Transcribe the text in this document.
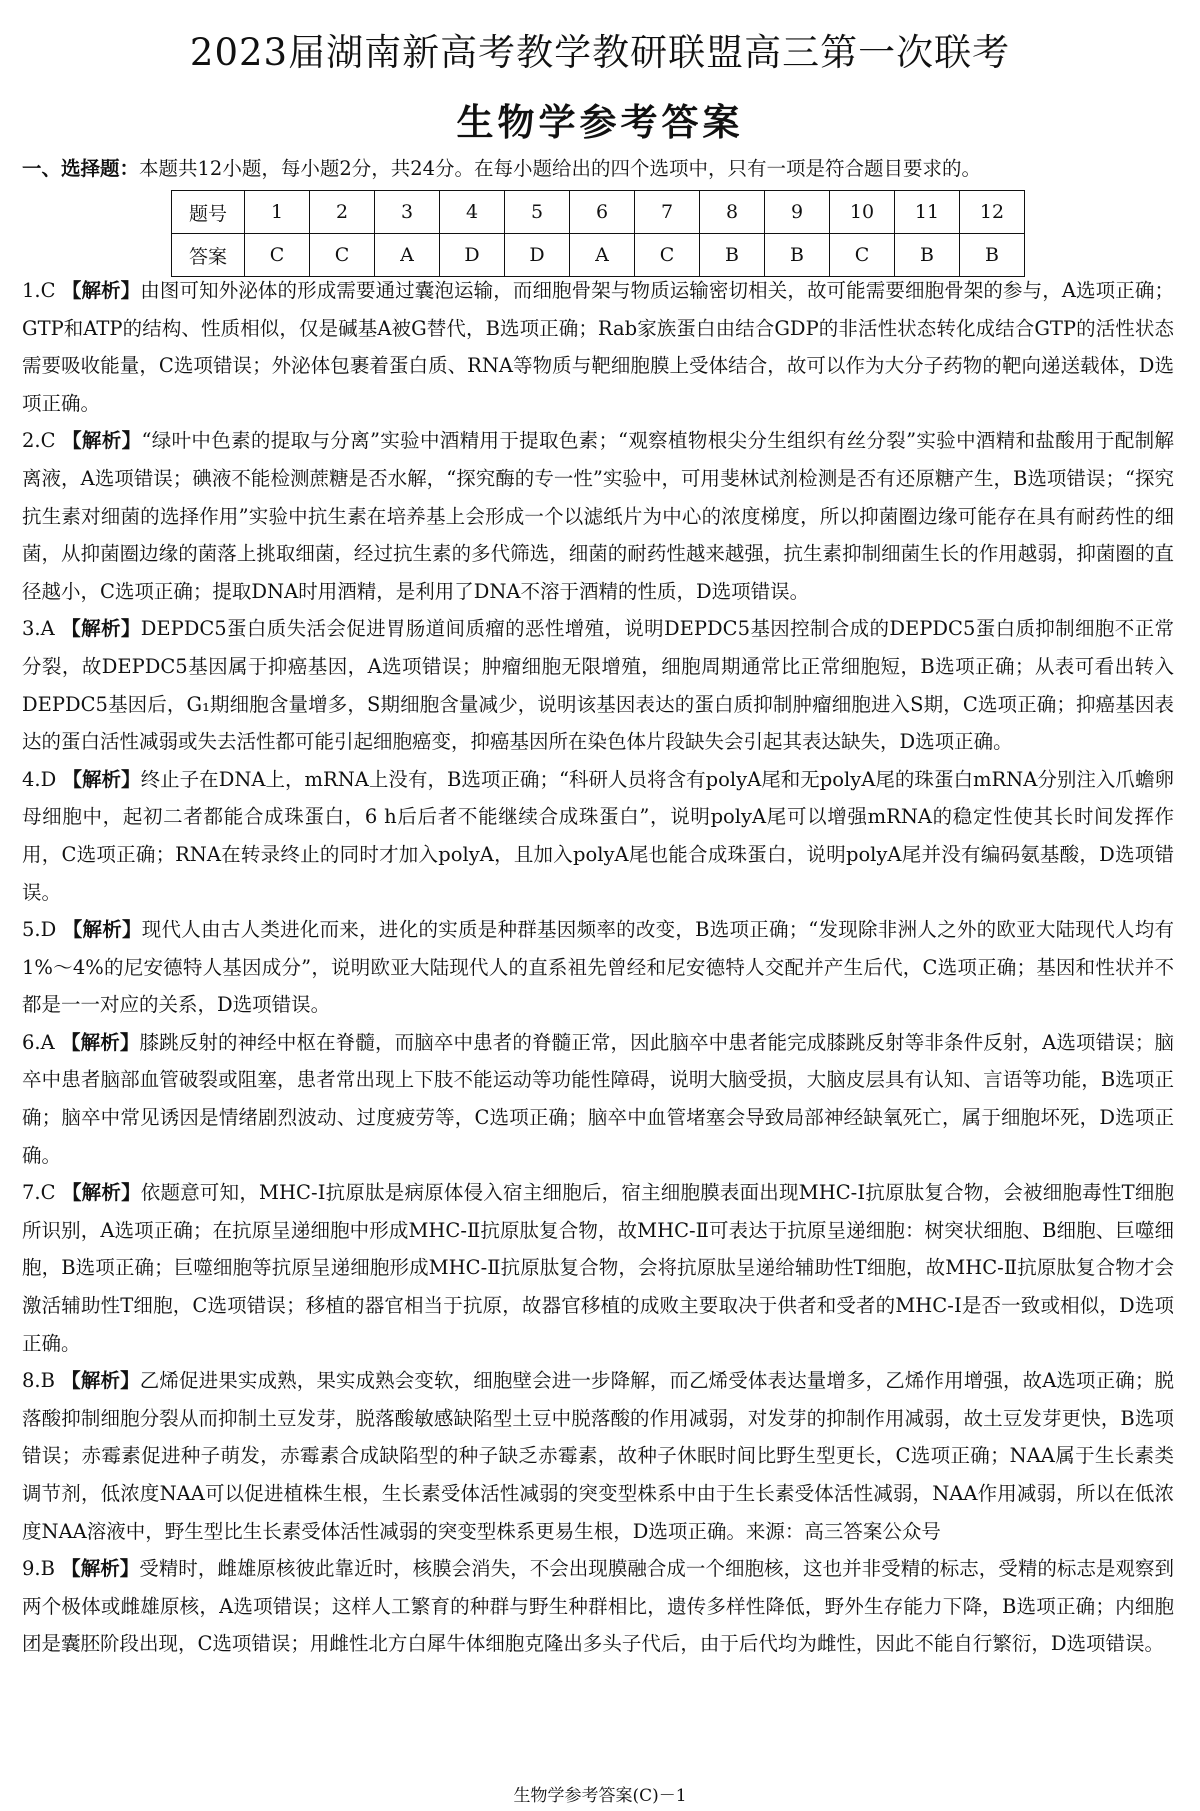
2023届湖南新高考教学教研联盟高三第一次联考
生物学参考答案
一、选择题：本题共12小题，每小题2分，共24分。在每小题给出的四个选项中，只有一项是符合题目要求的。
题号	1	2	3	4	5	6	7	8	9	10	11	12
答案	C	C	A	D	D	A	C	B	B	C	B	B
1.C 【解析】由图可知外泌体的形成需要通过囊泡运输，而细胞骨架与物质运输密切相关，故可能需要细胞骨架的参与，A选项正确；GTP和ATP的结构、性质相似，仅是碱基A被G替代，B选项正确；Rab家族蛋白由结合GDP的非活性状态转化成结合GTP的活性状态需要吸收能量，C选项错误；外泌体包裹着蛋白质、RNA等物质与靶细胞膜上受体结合，故可以作为大分子药物的靶向递送载体，D选项正确。
2.C 【解析】“绿叶中色素的提取与分离”实验中酒精用于提取色素；“观察植物根尖分生组织有丝分裂”实验中酒精和盐酸用于配制解离液，A选项错误；碘液不能检测蔗糖是否水解，“探究酶的专一性”实验中，可用斐林试剂检测是否有还原糖产生，B选项错误；“探究抗生素对细菌的选择作用”实验中抗生素在培养基上会形成一个以滤纸片为中心的浓度梯度，所以抑菌圈边缘可能存在具有耐药性的细菌，从抑菌圈边缘的菌落上挑取细菌，经过抗生素的多代筛选，细菌的耐药性越来越强，抗生素抑制细菌生长的作用越弱，抑菌圈的直径越小，C选项正确；提取DNA时用酒精，是利用了DNA不溶于酒精的性质，D选项错误。
3.A 【解析】DEPDC5蛋白质失活会促进胃肠道间质瘤的恶性增殖，说明DEPDC5基因控制合成的DEPDC5蛋白质抑制细胞不正常分裂，故DEPDC5基因属于抑癌基因，A选项错误；肿瘤细胞无限增殖，细胞周期通常比正常细胞短，B选项正确；从表可看出转入DEPDC5基因后，G₁期细胞含量增多，S期细胞含量减少，说明该基因表达的蛋白质抑制肿瘤细胞进入S期，C选项正确；抑癌基因表达的蛋白活性减弱或失去活性都可能引起细胞癌变，抑癌基因所在染色体片段缺失会引起其表达缺失，D选项正确。
4.D 【解析】终止子在DNA上，mRNA上没有，B选项正确；“科研人员将含有polyA尾和无polyA尾的珠蛋白mRNA分别注入爪蟾卵母细胞中，起初二者都能合成珠蛋白，6 h后后者不能继续合成珠蛋白”，说明polyA尾可以增强mRNA的稳定性使其长时间发挥作用，C选项正确；RNA在转录终止的同时才加入polyA，且加入polyA尾也能合成珠蛋白，说明polyA尾并没有编码氨基酸，D选项错误。
5.D 【解析】现代人由古人类进化而来，进化的实质是种群基因频率的改变，B选项正确；“发现除非洲人之外的欧亚大陆现代人均有1%～4%的尼安德特人基因成分”，说明欧亚大陆现代人的直系祖先曾经和尼安德特人交配并产生后代，C选项正确；基因和性状并不都是一一对应的关系，D选项错误。
6.A 【解析】膝跳反射的神经中枢在脊髓，而脑卒中患者的脊髓正常，因此脑卒中患者能完成膝跳反射等非条件反射，A选项错误；脑卒中患者脑部血管破裂或阻塞，患者常出现上下肢不能运动等功能性障碍，说明大脑受损，大脑皮层具有认知、言语等功能，B选项正确；脑卒中常见诱因是情绪剧烈波动、过度疲劳等，C选项正确；脑卒中血管堵塞会导致局部神经缺氧死亡，属于细胞坏死，D选项正确。
7.C 【解析】依题意可知，MHC-Ⅰ抗原肽是病原体侵入宿主细胞后，宿主细胞膜表面出现MHC-Ⅰ抗原肽复合物，会被细胞毒性T细胞所识别，A选项正确；在抗原呈递细胞中形成MHC-Ⅱ抗原肽复合物，故MHC-Ⅱ可表达于抗原呈递细胞：树突状细胞、B细胞、巨噬细胞，B选项正确；巨噬细胞等抗原呈递细胞形成MHC-Ⅱ抗原肽复合物，会将抗原肽呈递给辅助性T细胞，故MHC-Ⅱ抗原肽复合物才会激活辅助性T细胞，C选项错误；移植的器官相当于抗原，故器官移植的成败主要取决于供者和受者的MHC-Ⅰ是否一致或相似，D选项正确。
8.B 【解析】乙烯促进果实成熟，果实成熟会变软，细胞壁会进一步降解，而乙烯受体表达量增多，乙烯作用增强，故A选项正确；脱落酸抑制细胞分裂从而抑制土豆发芽，脱落酸敏感缺陷型土豆中脱落酸的作用减弱，对发芽的抑制作用减弱，故土豆发芽更快，B选项错误；赤霉素促进种子萌发，赤霉素合成缺陷型的种子缺乏赤霉素，故种子休眠时间比野生型更长，C选项正确；NAA属于生长素类调节剂，低浓度NAA可以促进植株生根，生长素受体活性减弱的突变型株系中由于生长素受体活性减弱，NAA作用减弱，所以在低浓度NAA溶液中，野生型比生长素受体活性减弱的突变型株系更易生根，D选项正确。来源：高三答案公众号
9.B 【解析】受精时，雌雄原核彼此靠近时，核膜会消失，不会出现膜融合成一个细胞核，这也并非受精的标志，受精的标志是观察到两个极体或雌雄原核，A选项错误；这样人工繁育的种群与野生种群相比，遗传多样性降低，野外生存能力下降，B选项正确；内细胞团是囊胚阶段出现，C选项错误；用雌性北方白犀牛体细胞克隆出多头子代后，由于后代均为雌性，因此不能自行繁衍，D选项错误。
生物学参考答案(C)－1
